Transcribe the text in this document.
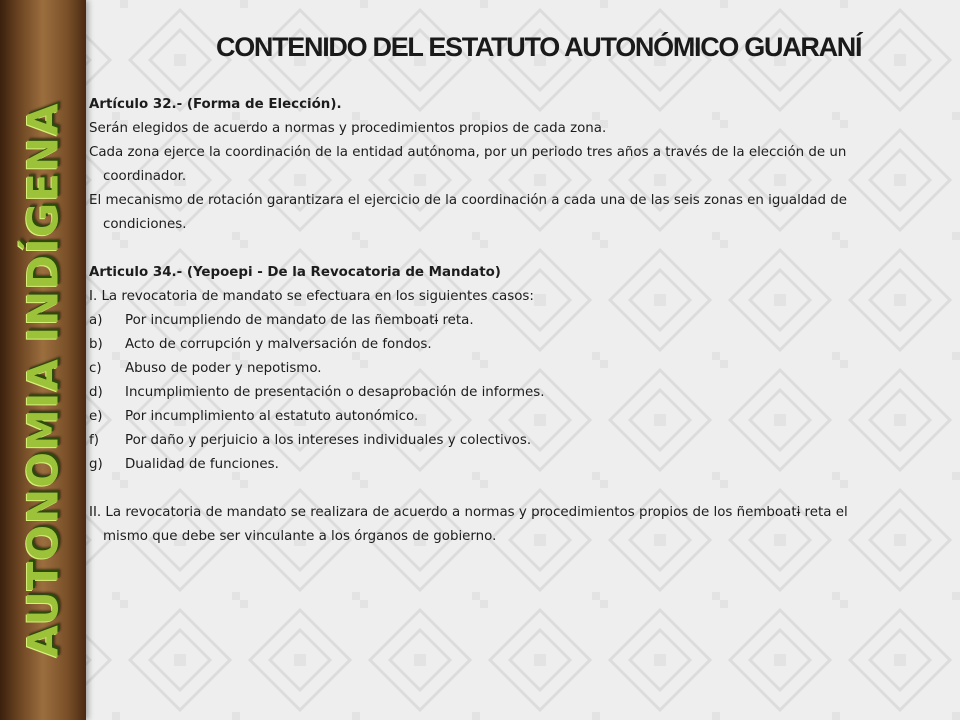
AUTONOMIA INDÍGENA
CONTENIDO DEL ESTATUTO AUTONÓMICO GUARANÍ

Artículo 32.- (Forma de Elección).

Serán elegidos de acuerdo a normas y procedimientos propios de cada zona.

Cada zona ejerce la coordinación de la entidad autónoma, por un periodo tres años a través de la elección de un coordinador.

El mecanismo de rotación garantizara el ejercicio de la coordinación a cada una de las seis zonas en igualdad de condiciones.

Articulo 34.- (Yepoepi - De la Revocatoria de Mandato)

I. La revocatoria de mandato se efectuara en los siguientes casos:

a)	Por incumpliendo de mandato de las ñemboatɨ reta.
b)	Acto de corrupción y malversación de fondos.
c)	Abuso de poder y nepotismo.
d)	Incumplimiento de presentación o desaprobación de informes.
e)	Por incumplimiento al estatuto autonómico.
f)	Por daño y perjuicio a los intereses individuales y colectivos.
g)	Dualidad de funciones.

II. La revocatoria de mandato se realizara de acuerdo a normas y procedimientos propios de los ñemboatɨ reta el mismo que debe ser vinculante a los órganos de gobierno.
